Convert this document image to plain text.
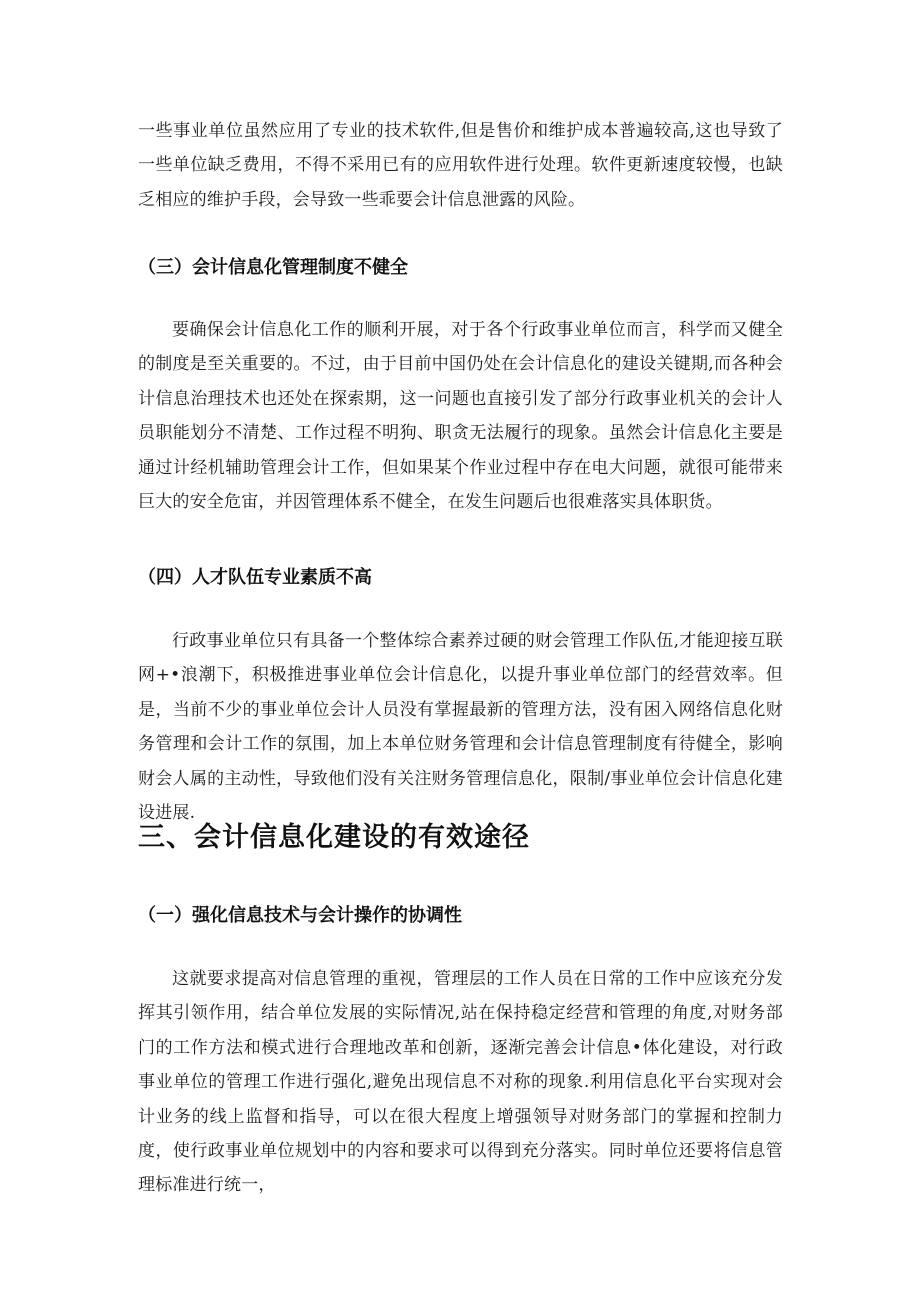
一些事业单位虽然应用了专业的技术软件,但是售价和维护成本普遍较高,这也导致了一些单位缺乏费用，不得不采用已有的应用软件进行处理。软件更新速度较慢，也缺乏相应的维护手段，会导致一些乖要会计信息泄露的风险。

（三）会计信息化管理制度不健全

要确保会计信息化工作的顺利开展，对于各个行政事业单位而言，科学而又健全的制度是至关重要的。不过，由于目前中国仍处在会计信息化的建设关键期,而各种会计信息治理技术也还处在探索期，这一问题也直接引发了部分行政事业机关的会计人员职能划分不清楚、工作过程不明狗、职贪无法履行的现象。虽然会计信息化主要是通过计经机辅助管理会计工作，但如果某个作业过程中存在电大问题，就很可能带来巨大的安全危宙，并因管理体系不健全，在发生问题后也很难落实具体职货。

（四）人才队伍专业素质不高

行政事业单位只有具备一个整体综合素养过硬的财会管理工作队伍,才能迎接互联网+•浪潮下，积极推进事业单位会计信息化，以提升事业单位部门的经营效率。但是，当前不少的事业单位会计人员没有掌握最新的管理方法，没有困入网络信息化财务管理和会计工作的氛围，加上本单位财务管理和会计信息管理制度有待健全，影响财会人属的主动性，导致他们没有关注财务管理信息化，限制/事业单位会计信息化建设进展.

三、会计信息化建设的有效途径
（一）强化信息技术与会计操作的协调性

这就要求提高对信息管理的重视，管理层的工作人员在日常的工作中应该充分发挥其引领作用，结合单位发展的实际情况,站在保持稳定经营和管理的角度,对财务部门的工作方法和模式进行合理地改革和创新，逐渐完善会计信息•体化建设，对行政事业单位的管理工作进行强化,避免出现信息不对称的现象.利用信息化平台实现对会计业务的线上监督和指导，可以在很大程度上增强领导对财务部门的掌握和控制力度，使行政事业单位规划中的内容和要求可以得到充分落实。同时单位还要将信息管理标准进行统一，
